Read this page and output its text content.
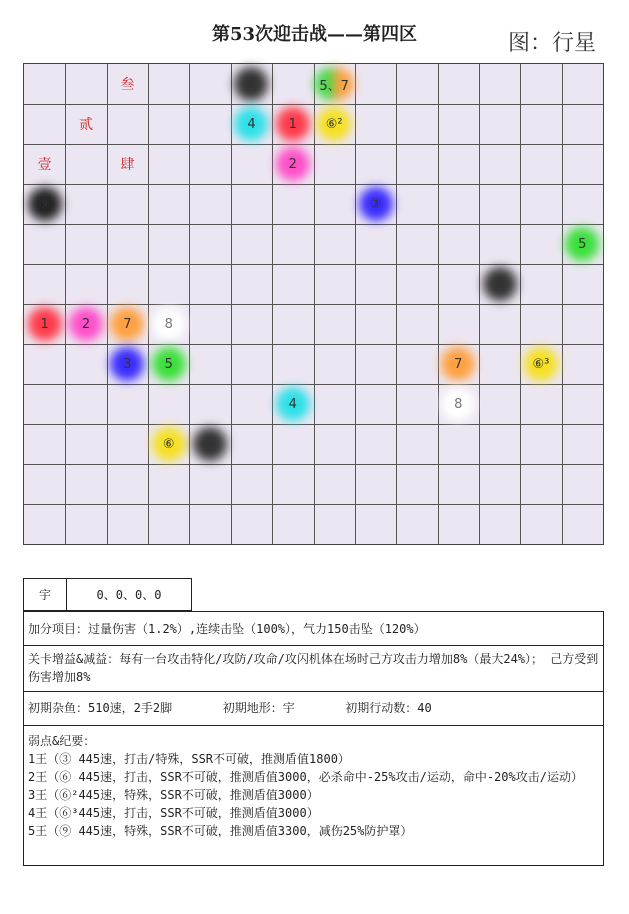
第53次迎击战——第四区	图：行星
叁
贰
壹	肆
9	5、7
4	1 ⑥²
2
⑨	③
5
9
1	2	7	8
3	5	7	⑥³
4	8
⑥ 9
宇	0、0、0、0
加分项目：过量伤害（1.2%）,连续击坠（100%），气力150击坠（120%）
关卡增益&减益：每有一台攻击特化/攻防/攻命/攻闪机体在场时己方攻击力增加8%（最大24%）； 己方受到伤害增加8%
初期杂鱼：510速，2手2脚	初期地形：宇	初期行动数：40
弱点&纪要：
1王（③ 445速，打击/特殊，SSR不可破，推测盾值1800）
2王（⑥ 445速，打击，SSR不可破，推测盾值3000，必杀命中-25%攻击/运动，命中-20%攻击/运动）
3王（⑥²445速，特殊，SSR不可破，推测盾值3000）
4王（⑥³445速，打击，SSR不可破，推测盾值3000）
5王（⑨ 445速，特殊，SSR不可破，推测盾值3300，减伤25%防护罩）
